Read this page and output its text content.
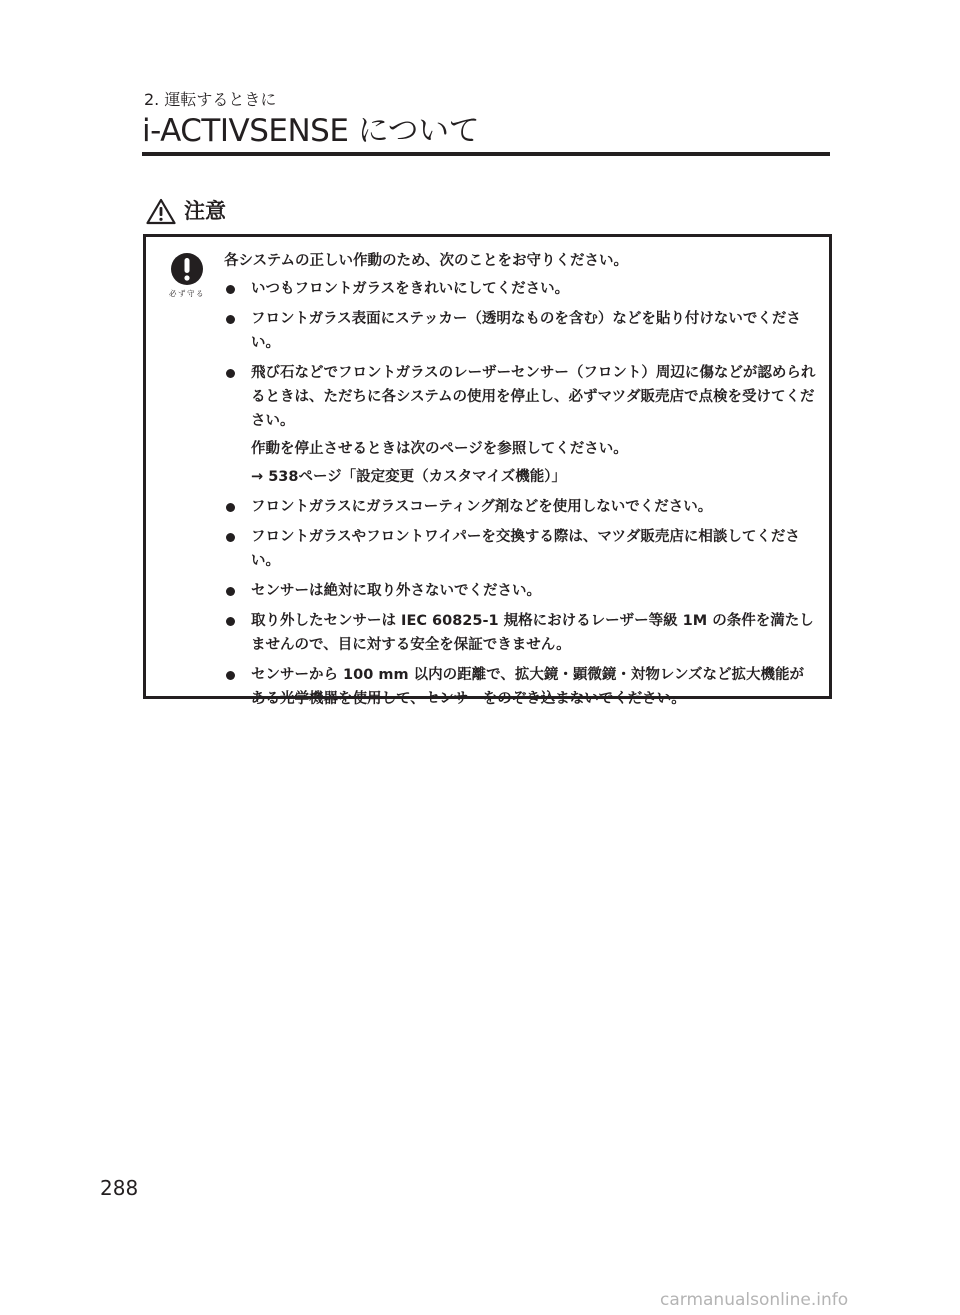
2. 運転するときに
i-ACTIVSENSE について
注意
必ず守る

各システムの正しい作動のため、次のことをお守りください。

いつもフロントガラスをきれいにしてください。
フロントガラス表面にステッカー（透明なものを含む）などを貼り付けないでください。
飛び石などでフロントガラスのレーザーセンサー（フロント）周辺に傷などが認められるときは、ただちに各システムの使用を停止し、必ずマツダ販売店で点検を受けてください。
作動を停止させるときは次のページを参照してください。
→ 538ページ「設定変更（カスタマイズ機能）」
フロントガラスにガラスコーティング剤などを使用しないでください。
フロントガラスやフロントワイパーを交換する際は、マツダ販売店に相談してください。
センサーは絶対に取り外さないでください。
取り外したセンサーは IEC 60825-1 規格におけるレーザー等級 1M の条件を満たしませんので、目に対する安全を保証できません。
センサーから 100 mm 以内の距離で、拡大鏡・顕微鏡・対物レンズなど拡大機能がある光学機器を使用して、センサーをのぞき込まないでください。
288
carmanualsonline.info
